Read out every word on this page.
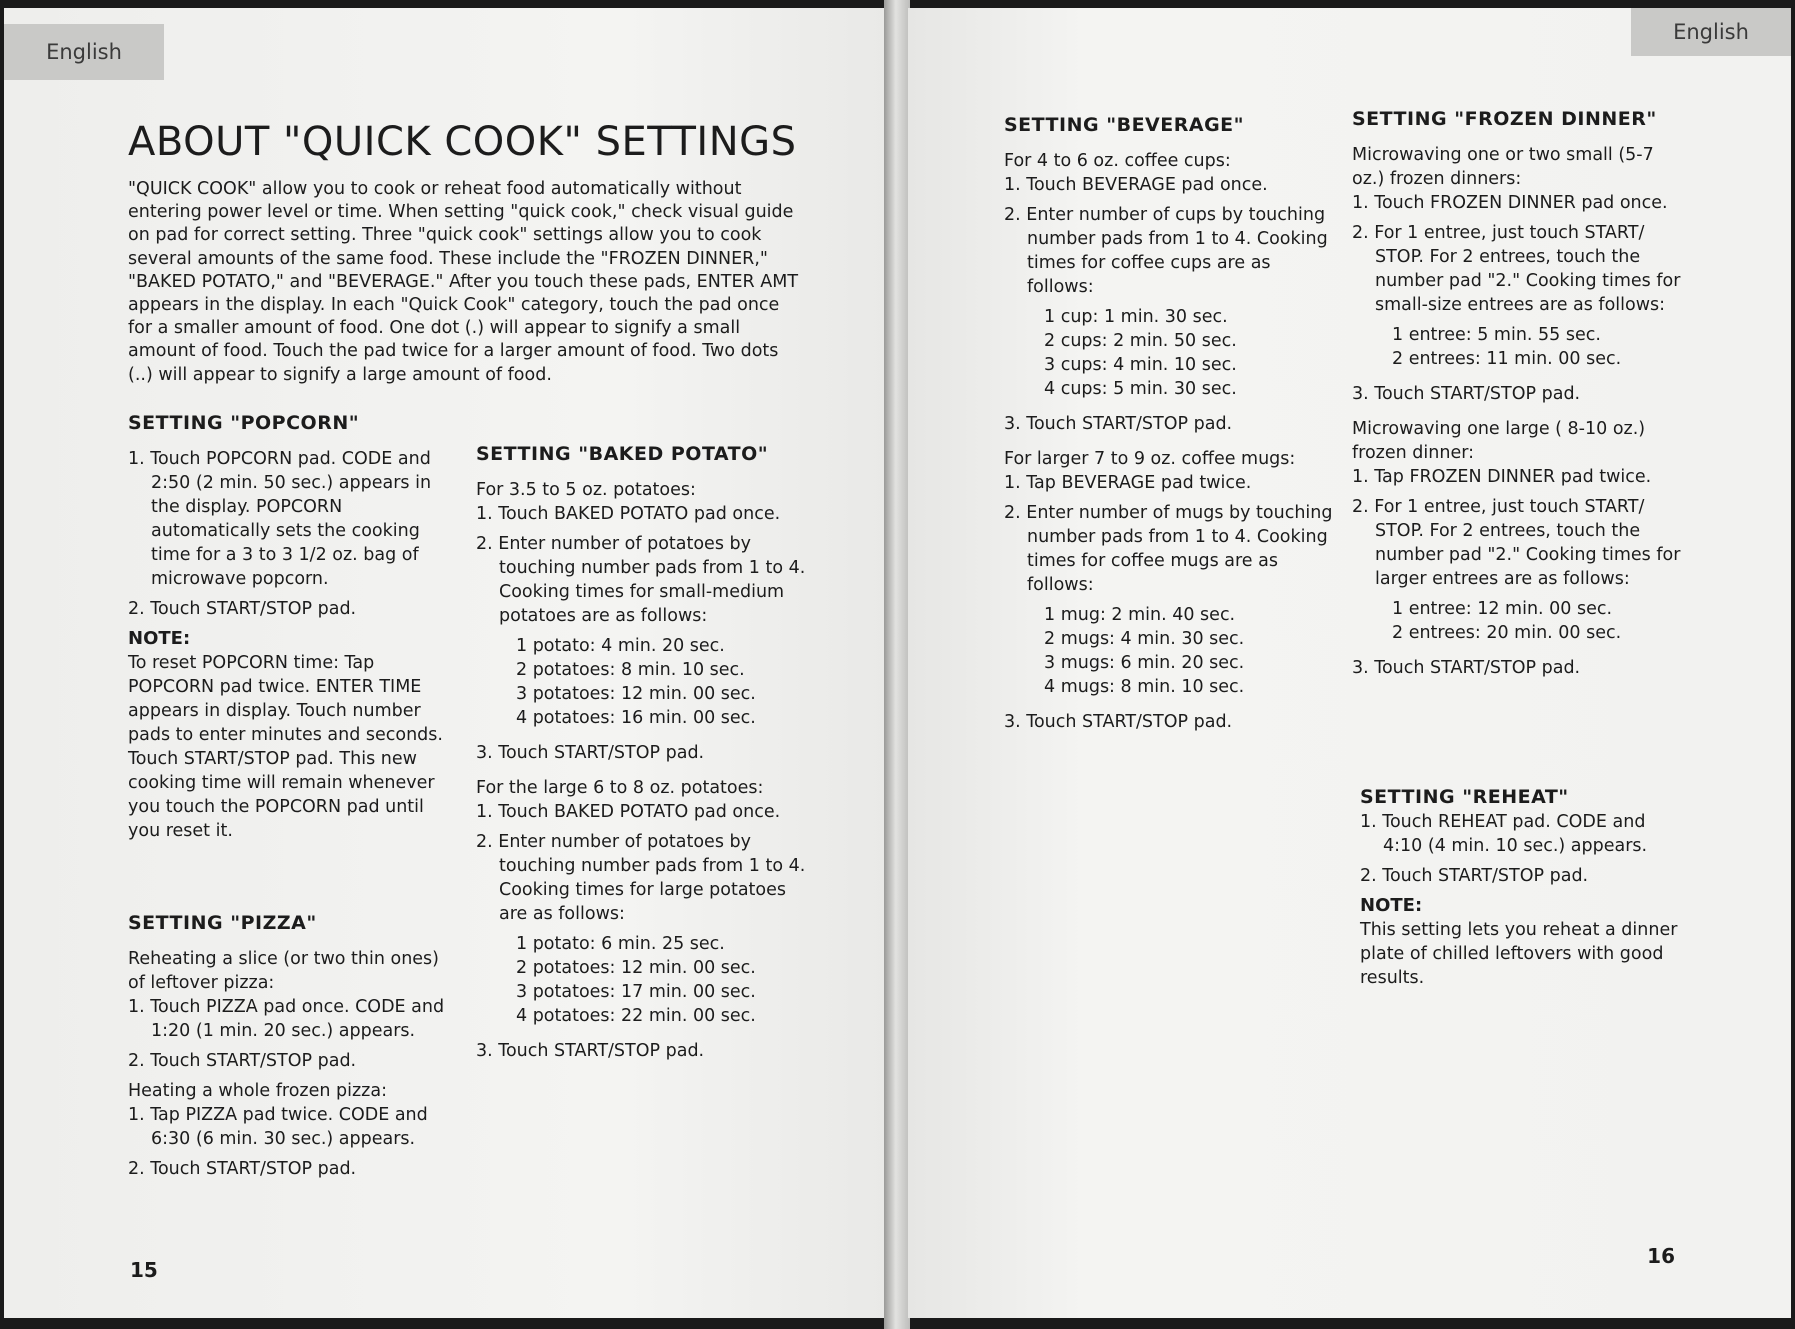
English
ABOUT "QUICK COOK" SETTINGS

"QUICK COOK" allow you to cook or reheat food automatically without entering power level or time. When setting "quick cook," check visual guide on pad for correct setting. Three "quick cook" settings allow you to cook several amounts of the same food. These include the "FROZEN DINNER," "BAKED POTATO," and "BEVERAGE." After you touch these pads, ENTER AMT appears in the display. In each "Quick Cook" category, touch the pad once for a smaller amount of food. One dot (.) will appear to signify a small amount of food. Touch the pad twice for a larger amount of food. Two dots (..) will appear to signify a large amount of food.

SETTING "POPCORN"

1. Touch POPCORN pad. CODE and 2:50 (2 min. 50 sec.) appears in the display. POPCORN automatically sets the cooking time for a 3 to 3 1/2 oz. bag of microwave popcorn.

2. Touch START/STOP pad.

NOTE:

To reset POPCORN time: Tap POPCORN pad twice. ENTER TIME appears in display. Touch number pads to enter minutes and seconds. Touch START/STOP pad. This new cooking time will remain whenever you touch the POPCORN pad until you reset it.

SETTING "PIZZA"

Reheating a slice (or two thin ones) of leftover pizza:

1. Touch PIZZA pad once. CODE and 1:20 (1 min. 20 sec.) appears.

2. Touch START/STOP pad.

Heating a whole frozen pizza:

1. Tap PIZZA pad twice. CODE and 6:30 (6 min. 30 sec.) appears.

2. Touch START/STOP pad.

SETTING "BAKED POTATO"

For 3.5 to 5 oz. potatoes:

1. Touch BAKED POTATO pad once.

2. Enter number of potatoes by touching number pads from 1 to 4. Cooking times for small-medium potatoes are as follows:

1 potato: 4 min. 20 sec.
2 potatoes: 8 min. 10 sec.
3 potatoes: 12 min. 00 sec.
4 potatoes: 16 min. 00 sec.

3. Touch START/STOP pad.

For the large 6 to 8 oz. potatoes:

1. Touch BAKED POTATO pad once.

2. Enter number of potatoes by touching number pads from 1 to 4. Cooking times for large potatoes are as follows:

1 potato: 6 min. 25 sec.
2 potatoes: 12 min. 00 sec.
3 potatoes: 17 min. 00 sec.
4 potatoes: 22 min. 00 sec.

3. Touch START/STOP pad.

15
English
SETTING "BEVERAGE"

For 4 to 6 oz. coffee cups:

1. Touch BEVERAGE pad once.

2. Enter number of cups by touching number pads from 1 to 4. Cooking times for coffee cups are as follows:

1 cup: 1 min. 30 sec.
2 cups: 2 min. 50 sec.
3 cups: 4 min. 10 sec.
4 cups: 5 min. 30 sec.

3. Touch START/STOP pad.

For larger 7 to 9 oz. coffee mugs:

1. Tap BEVERAGE pad twice.

2. Enter number of mugs by touching number pads from 1 to 4. Cooking times for coffee mugs are as follows:

1 mug: 2 min. 40 sec.
2 mugs: 4 min. 30 sec.
3 mugs: 6 min. 20 sec.
4 mugs: 8 min. 10 sec.

3. Touch START/STOP pad.

SETTING "FROZEN DINNER"

Microwaving one or two small (5-7 oz.) frozen dinners:

1. Touch FROZEN DINNER pad once.

2. For 1 entree, just touch START/ STOP. For 2 entrees, touch the number pad "2." Cooking times for small-size entrees are as follows:

1 entree: 5 min. 55 sec.
2 entrees: 11 min. 00 sec.

3. Touch START/STOP pad.

Microwaving one large ( 8-10 oz.) frozen dinner:

1. Tap FROZEN DINNER pad twice.

2. For 1 entree, just touch START/ STOP. For 2 entrees, touch the number pad "2." Cooking times for larger entrees are as follows:

1 entree: 12 min. 00 sec.
2 entrees: 20 min. 00 sec.

3. Touch START/STOP pad.

SETTING "REHEAT"

1. Touch REHEAT pad. CODE and 4:10 (4 min. 10 sec.) appears.

2. Touch START/STOP pad.

NOTE:

This setting lets you reheat a dinner plate of chilled leftovers with good results.

16
